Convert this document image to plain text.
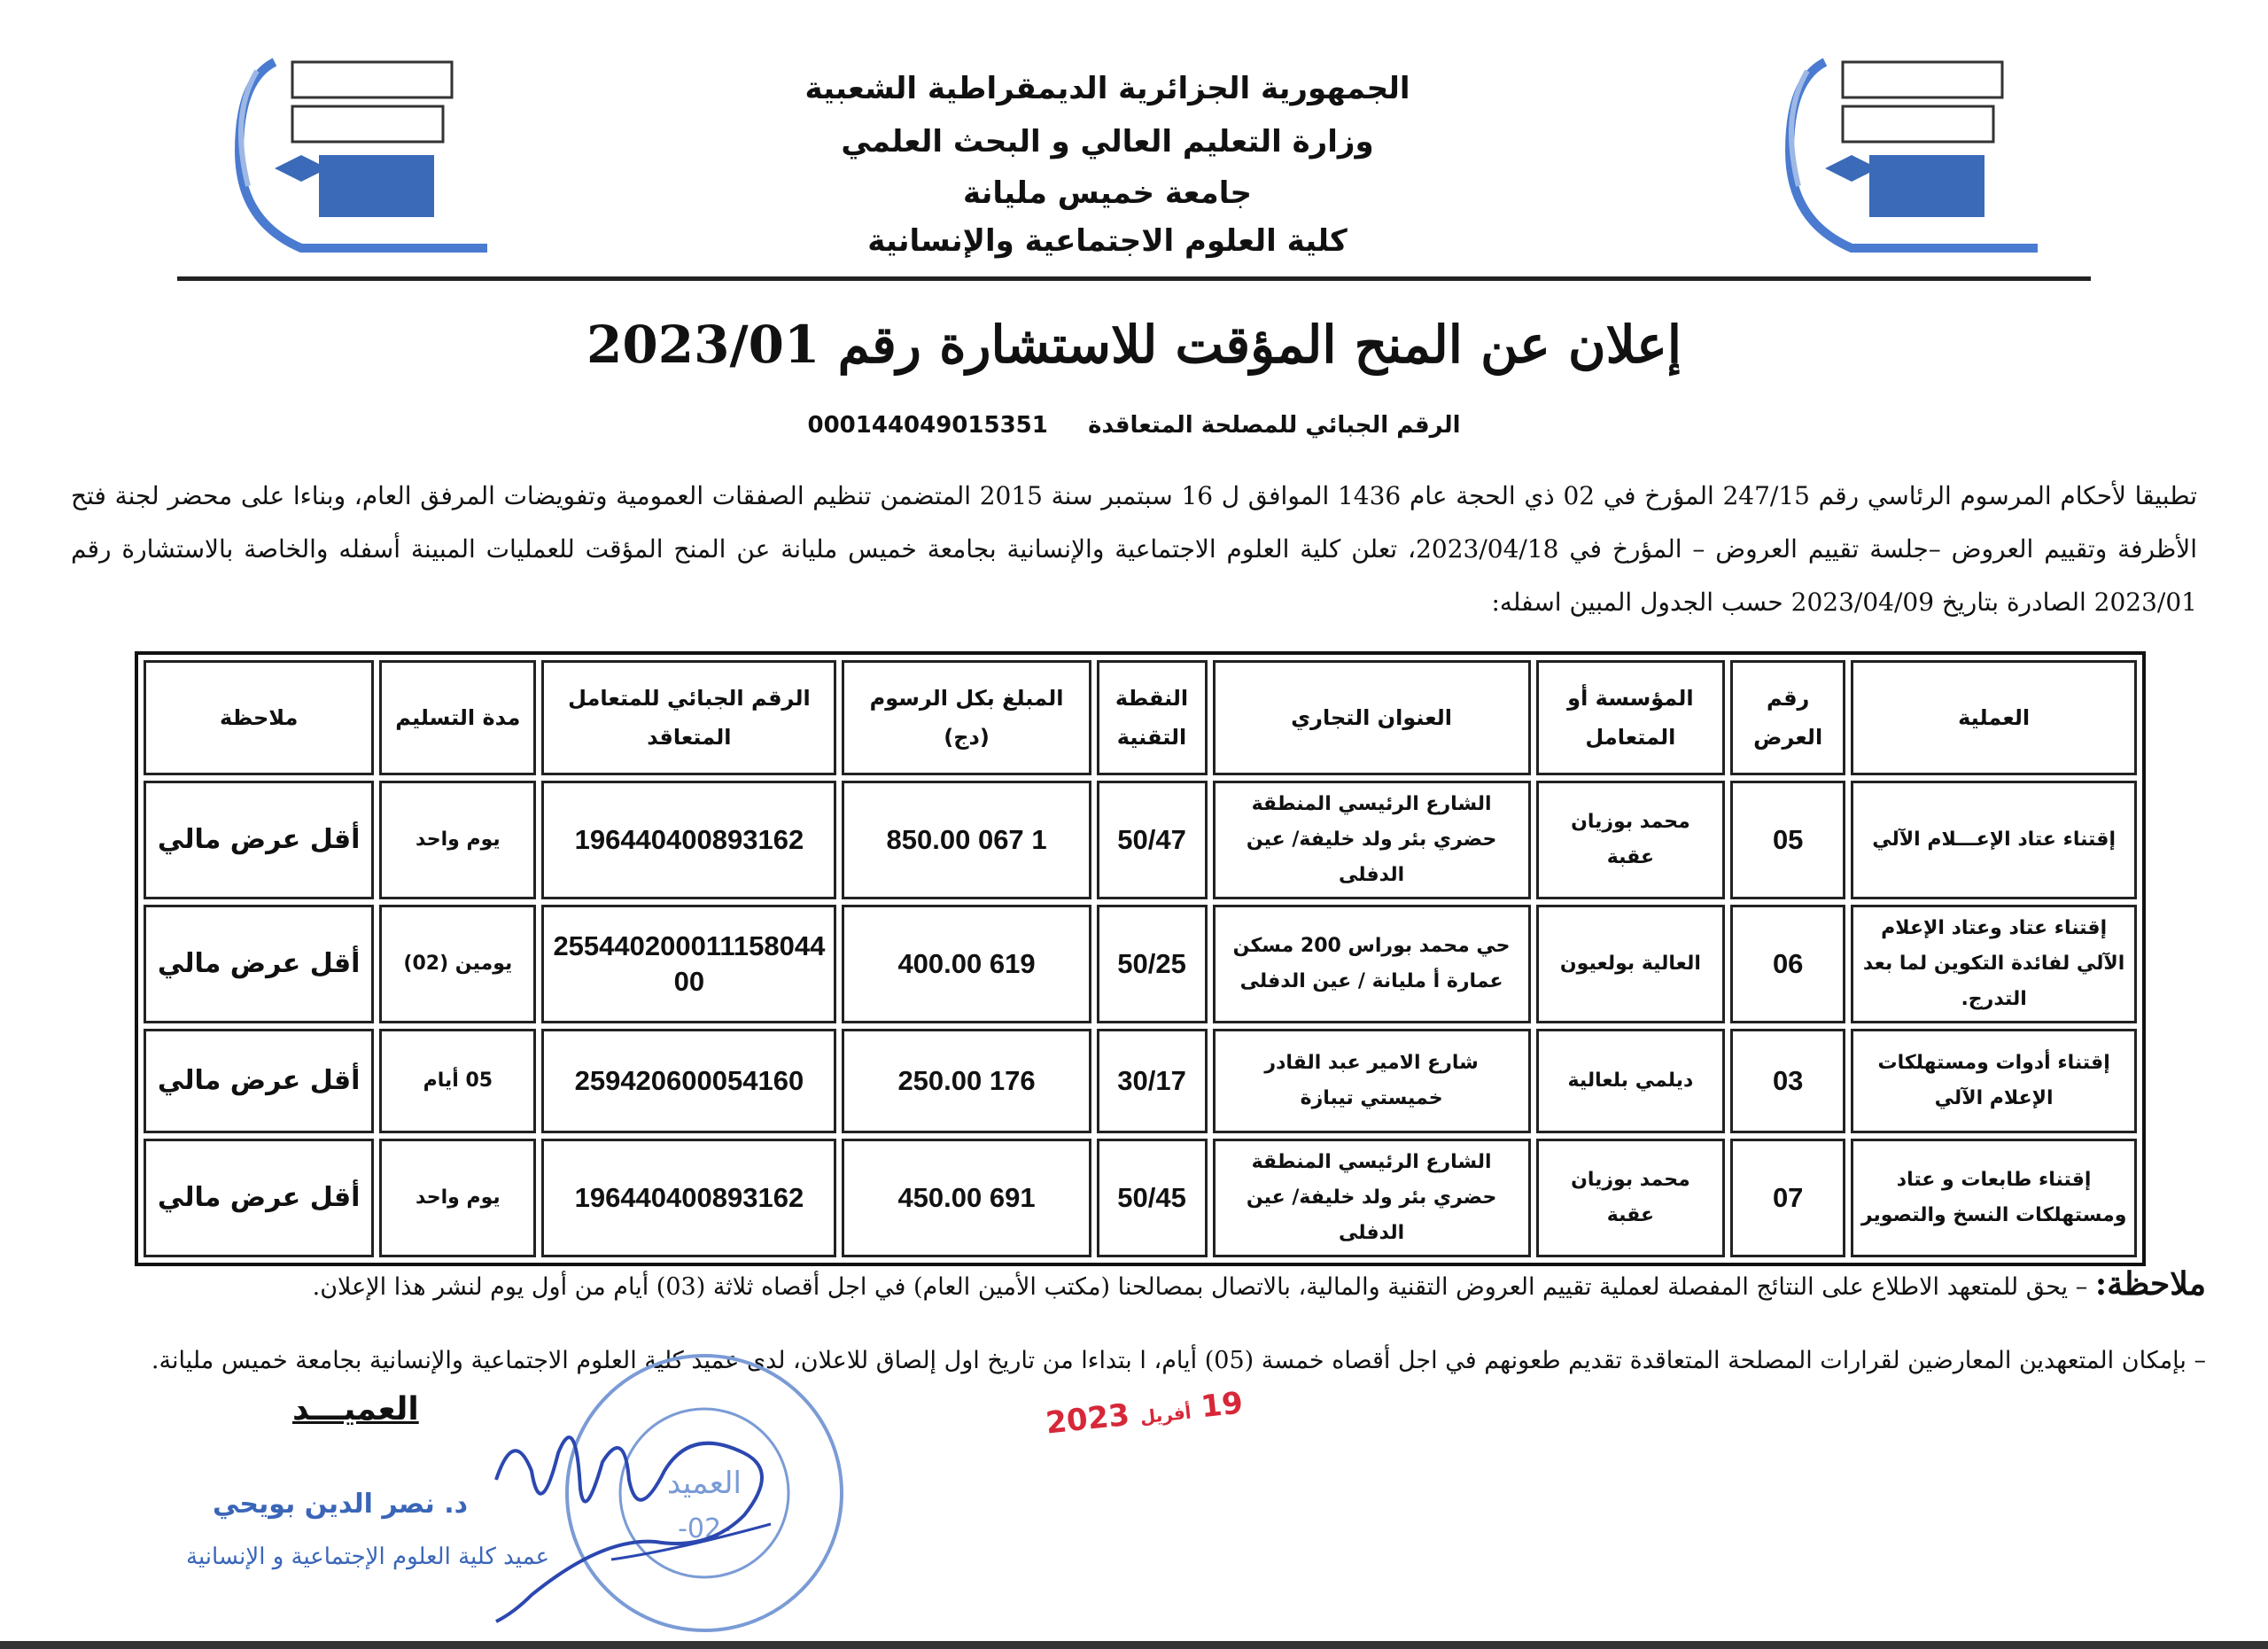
الجمهورية الجزائرية الديمقراطية الشعبية
وزارة التعليم العالي و البحث العلمي
جامعة خميس مليانة
كلية العلوم الاجتماعية والإنسانية
إعلان عن المنح المؤقت للاستشارة رقم 2023/01
الرقم الجبائي للمصلحة المتعاقدة     000144049015351
تطبيقا لأحكام المرسوم الرئاسي رقم 247/15 المؤرخ في 02 ذي الحجة عام 1436 الموافق ل 16 سبتمبر سنة 2015 المتضمن تنظيم الصفقات العمومية وتفويضات المرفق العام، وبناءا على محضر لجنة فتح الأظرفة وتقييم العروض –جلسة تقييم العروض – المؤرخ في 2023/04/18، تعلن كلية العلوم الاجتماعية والإنسانية بجامعة خميس مليانة عن المنح المؤقت للعمليات المبينة أسفله والخاصة بالاستشارة رقم 2023/01 الصادرة بتاريخ 2023/04/09 حسب الجدول المبين اسفله:
العملية	رقم العرض	المؤسسة أو المتعامل	العنوان التجاري	النقطة التقنية	المبلغ بكل الرسوم (دج)	الرقم الجبائي للمتعامل المتعاقد	مدة التسليم	ملاحظة
إقتناء عتاد الإعـــلام الآلي	05	محمد بوزيان عقبة	الشارع الرئيسي المنطقة حضري بئر ولد خليفة/ عين الدفلى	50/47	1 067 850.00	196440400893162	يوم واحد	أقل عرض مالي
إقتناء عتاد وعتاد الإعلام الآلي لفائدة التكوين لما بعد التدرج.	06	العالية بولعيون	حي محمد بوراس 200 مسكن عمارة أ مليانة / عين الدفلى	50/25	619 400.00	25544020001115804400	يومين (02)	أقل عرض مالي
إقتناء أدوات ومستهلكات الإعلام الآلي	03	ديلمي بلعالية	شارع الامير عبد القادر خميستي تيبازة	30/17	176 250.00	259420600054160	05 أيام	أقل عرض مالي
إقتناء طابعات و عتاد ومستهلكات النسخ والتصوير	07	محمد بوزيان عقبة	الشارع الرئيسي المنطقة حضري بئر ولد خليفة/ عين الدفلى	50/45	691 450.00	196440400893162	يوم واحد	أقل عرض مالي
ملاحظة: – يحق للمتعهد الاطلاع على النتائج المفصلة لعملية تقييم العروض التقنية والمالية، بالاتصال بمصالحنا (مكتب الأمين العام) في اجل أقصاه ثلاثة (03) أيام من أول يوم لنشر هذا الإعلان.
– بإمكان المتعهدين المعارضين لقرارات المصلحة المتعاقدة تقديم طعونهم في اجل أقصاه خمسة (05) أيام، ا بتداءا من تاريخ اول إلصاق للاعلان، لدى عميد كلية العلوم الاجتماعية والإنسانية بجامعة خميس مليانة.
العميد
-02-
العميـــد
د. نصر الدين بويحي
عميد كلية العلوم الإجتماعية و الإنسانية
19 أفريل 2023
